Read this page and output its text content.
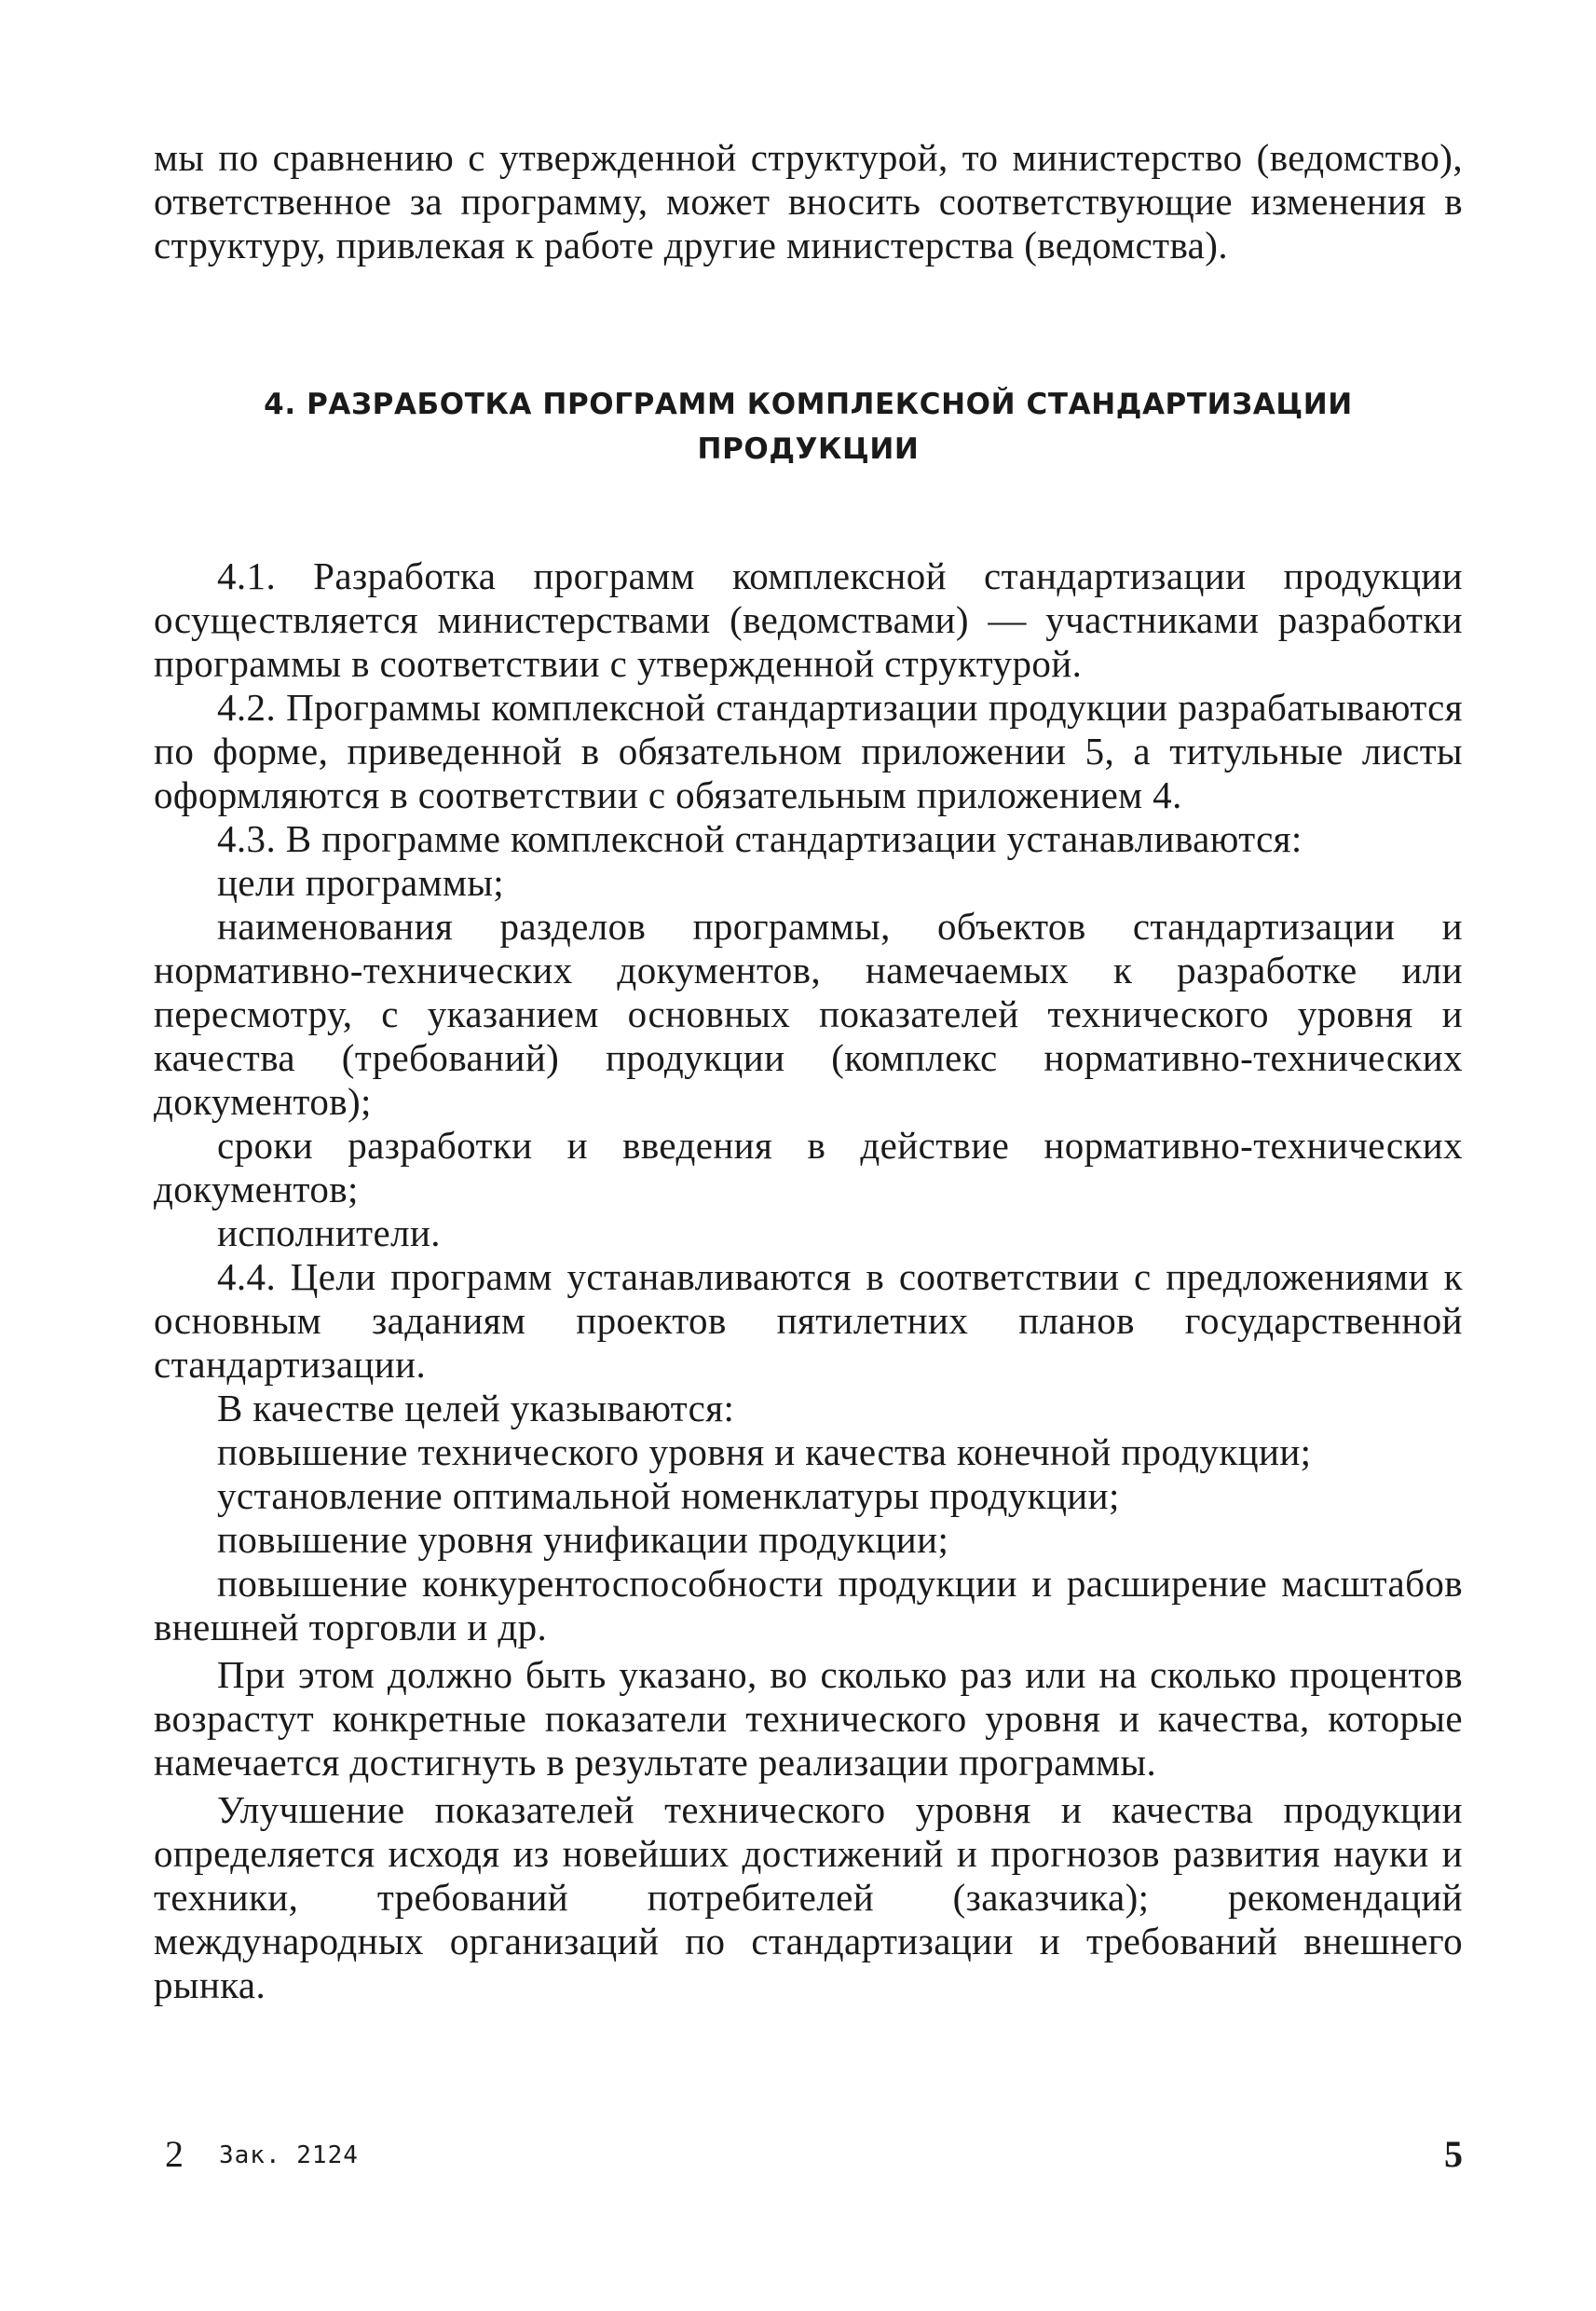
мы по сравнению с утвержденной структурой, то министерство (ведомство), ответственное за программу, может вносить соответствующие изменения в структуру, привлекая к работе другие министерства (ведомства).

4. РАЗРАБОТКА ПРОГРАММ КОМПЛЕКСНОЙ СТАНДАРТИЗАЦИИ
ПРОДУКЦИИ

4.1. Разработка программ комплексной стандартизации продукции осуществляется министерствами (ведомствами) — участниками разработки программы в соответствии с утвержденной структурой.

4.2. Программы комплексной стандартизации продукции разрабатываются по форме, приведенной в обязательном приложении 5, а титульные листы оформляются в соответствии с обязательным приложением 4.

4.3. В программе комплексной стандартизации устанавливаются:

цели программы;

наименования разделов программы, объектов стандартизации и нормативно-технических документов, намечаемых к разработке или пересмотру, с указанием основных показателей технического уровня и качества (требований) продукции (комплекс нормативно-технических документов);

сроки разработки и введения в действие нормативно-технических документов;

исполнители.

4.4. Цели программ устанавливаются в соответствии с предложениями к основным заданиям проектов пятилетних планов государственной стандартизации.

В качестве целей указываются:

повышение технического уровня и качества конечной продукции;

установление оптимальной номенклатуры продукции;

повышение уровня унификации продукции;

повышение конкурентоспособности продукции и расширение масштабов внешней торговли и др.

При этом должно быть указано, во сколько раз или на сколько процентов возрастут конкретные показатели технического уровня и качества, которые намечается достигнуть в результате реализации программы.

Улучшение показателей технического уровня и качества продукции определяется исходя из новейших достижений и прогнозов развития науки и техники, требований потребителей (заказчика); рекомендаций международных организаций по стандартизации и требований внешнего рынка.

2 Зак. 2124	5
